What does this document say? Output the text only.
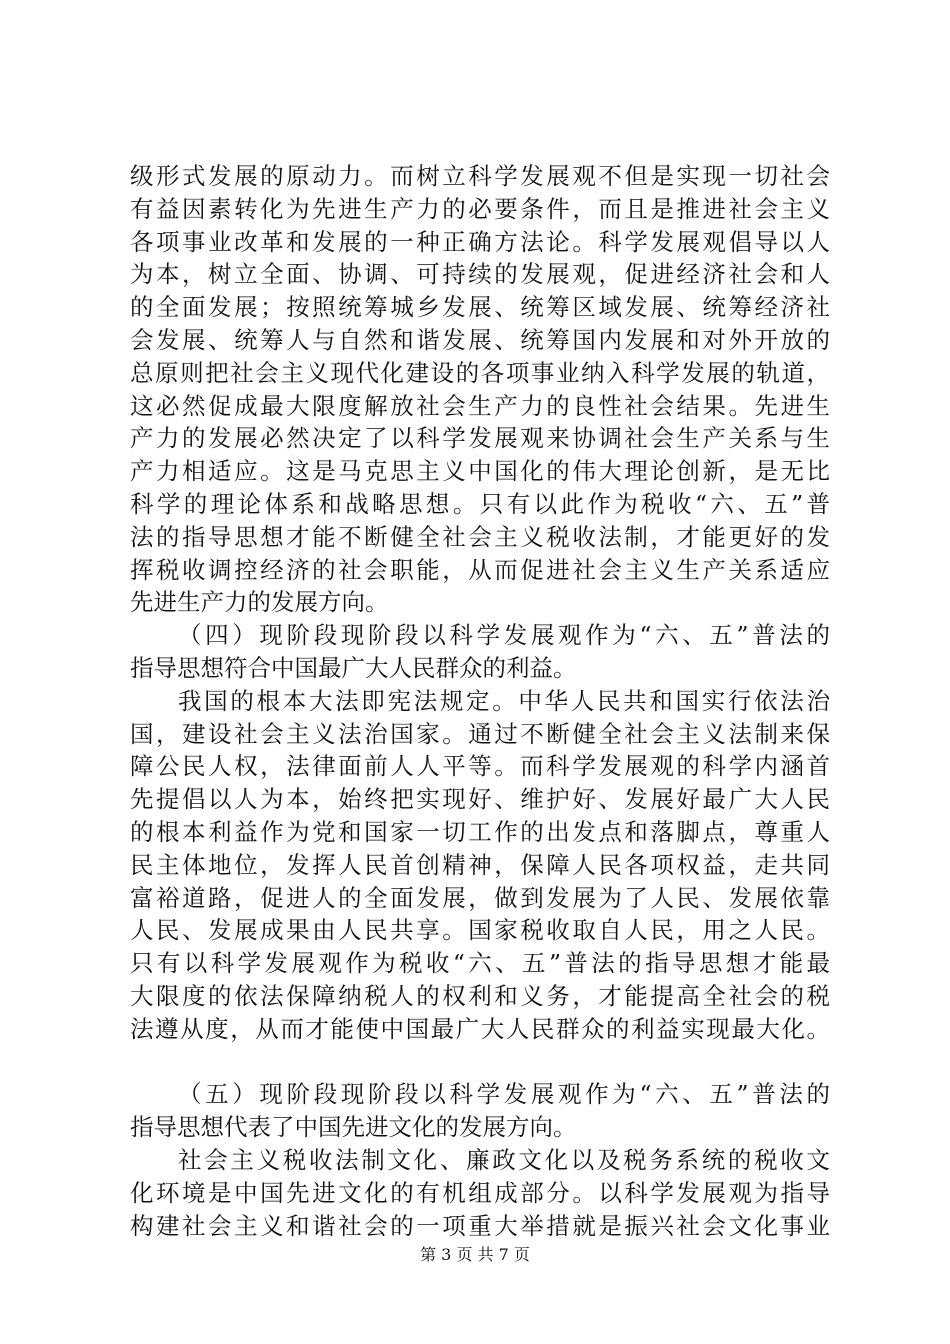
级形式发展的原动力。而树立科学发展观不但是实现一切社会
有益因素转化为先进生产力的必要条件，而且是推进社会主义
各项事业改革和发展的一种正确方法论。科学发展观倡导以人
为本，树立全面、协调、可持续的发展观，促进经济社会和人
的全面发展；按照统筹城乡发展、统筹区域发展、统筹经济社
会发展、统筹人与自然和谐发展、统筹国内发展和对外开放的
总原则把社会主义现代化建设的各项事业纳入科学发展的轨道，
这必然促成最大限度解放社会生产力的良性社会结果。先进生
产力的发展必然决定了以科学发展观来协调社会生产关系与生
产力相适应。这是马克思主义中国化的伟大理论创新，是无比
科学的理论体系和战略思想。只有以此作为税收“六、五”普
法的指导思想才能不断健全社会主义税收法制，才能更好的发
挥税收调控经济的社会职能，从而促进社会主义生产关系适应
先进生产力的发展方向。
（四）现阶段现阶段以科学发展观作为“六、五”普法的
指导思想符合中国最广大人民群众的利益。
我国的根本大法即宪法规定。中华人民共和国实行依法治
国，建设社会主义法治国家。通过不断健全社会主义法制来保
障公民人权，法律面前人人平等。而科学发展观的科学内涵首
先提倡以人为本，始终把实现好、维护好、发展好最广大人民
的根本利益作为党和国家一切工作的出发点和落脚点，尊重人
民主体地位，发挥人民首创精神，保障人民各项权益，走共同
富裕道路，促进人的全面发展，做到发展为了人民、发展依靠
人民、发展成果由人民共享。国家税收取自人民，用之人民。
只有以科学发展观作为税收“六、五”普法的指导思想才能最
大限度的依法保障纳税人的权利和义务，才能提高全社会的税
法遵从度，从而才能使中国最广大人民群众的利益实现最大化。
（五）现阶段现阶段以科学发展观作为“六、五”普法的
指导思想代表了中国先进文化的发展方向。
社会主义税收法制文化、廉政文化以及税务系统的税收文
化环境是中国先进文化的有机组成部分。以科学发展观为指导
构建社会主义和谐社会的一项重大举措就是振兴社会文化事业
第 3 页 共 7 页
